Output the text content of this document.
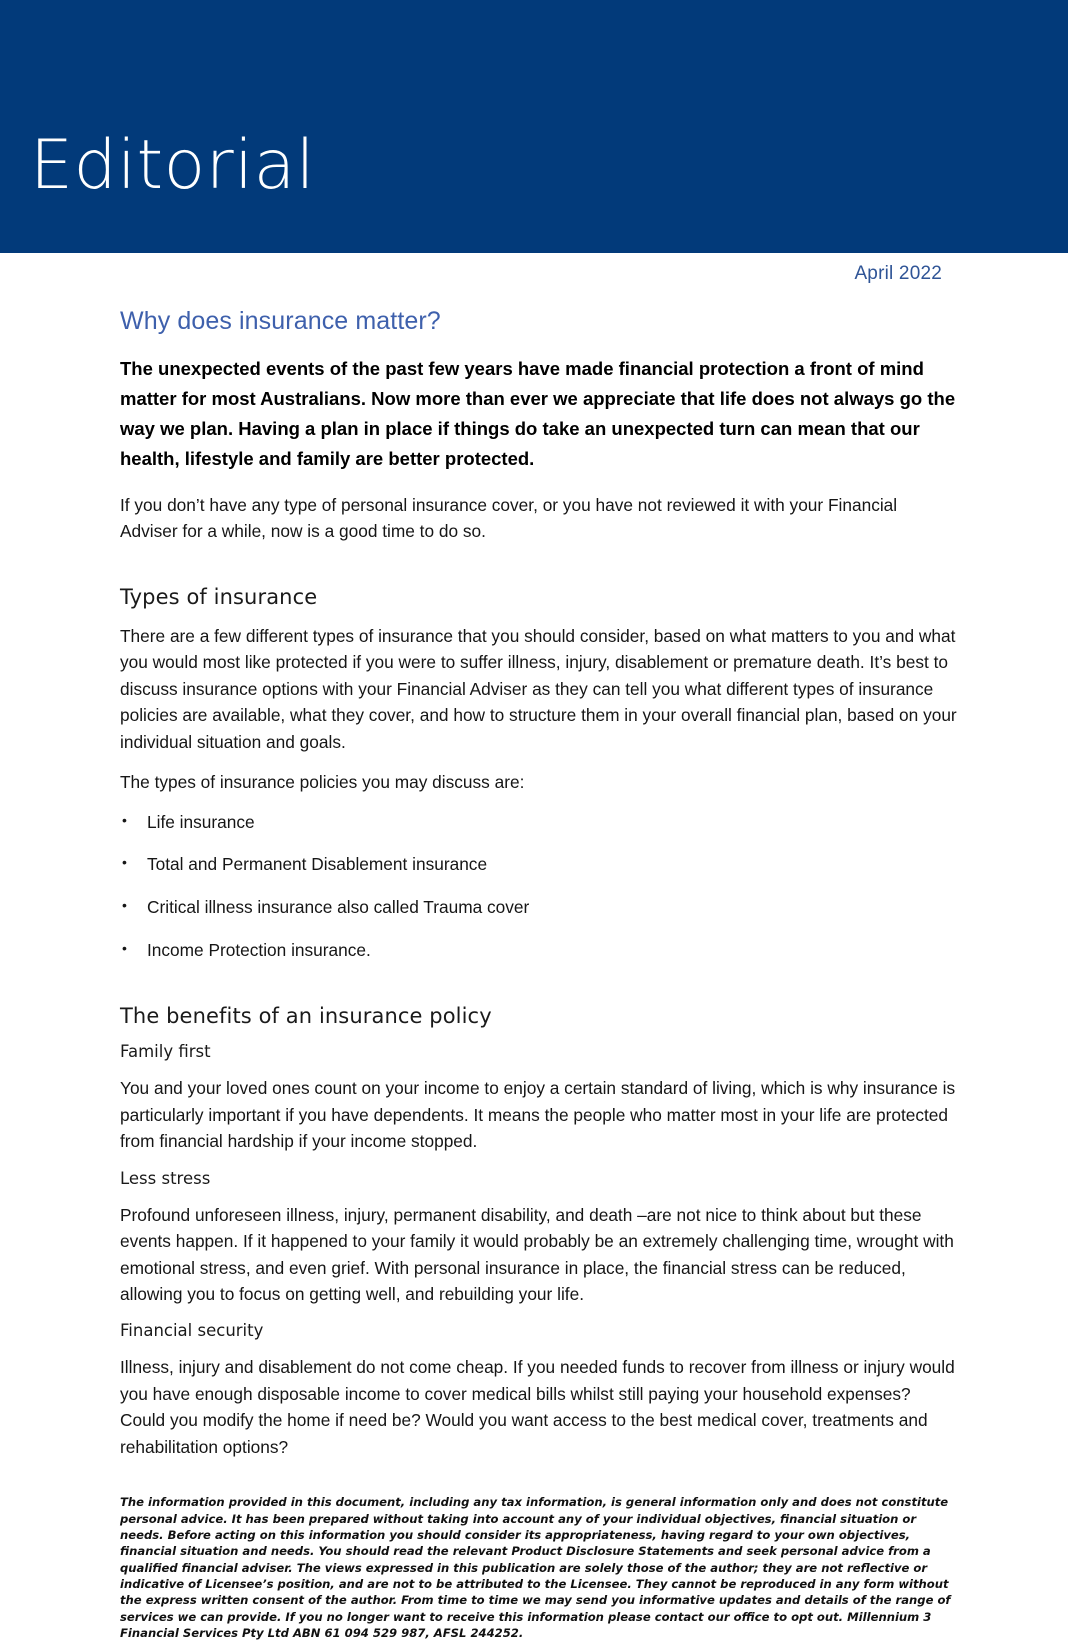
Editorial
April 2022
Why does insurance matter?

The unexpected events of the past few years have made financial protection a front of mind matter for most Australians. Now more than ever we appreciate that life does not always go the way we plan. Having a plan in place if things do take an unexpected turn can mean that our health, lifestyle and family are better protected.

If you don’t have any type of personal insurance cover, or you have not reviewed it with your Financial Adviser for a while, now is a good time to do so.

Types of insurance

There are a few different types of insurance that you should consider, based on what matters to you and what you would most like protected if you were to suffer illness, injury, disablement or premature death. It’s best to discuss insurance options with your Financial Adviser as they can tell you what different types of insurance policies are available, what they cover, and how to structure them in your overall financial plan, based on your individual situation and goals.

The types of insurance policies you may discuss are:

• Life insurance
• Total and Permanent Disablement insurance
• Critical illness insurance also called Trauma cover
• Income Protection insurance.
The benefits of an insurance policy
Family first

You and your loved ones count on your income to enjoy a certain standard of living, which is why insurance is particularly important if you have dependents. It means the people who matter most in your life are protected from financial hardship if your income stopped.

Less stress

Profound unforeseen illness, injury, permanent disability, and death –are not nice to think about but these events happen. If it happened to your family it would probably be an extremely challenging time, wrought with emotional stress, and even grief. With personal insurance in place, the financial stress can be reduced, allowing you to focus on getting well, and rebuilding your life.

Financial security

Illness, injury and disablement do not come cheap. If you needed funds to recover from illness or injury would you have enough disposable income to cover medical bills whilst still paying your household expenses? Could you modify the home if need be? Would you want access to the best medical cover, treatments and rehabilitation options?

The information provided in this document, including any tax information, is general information only and does not constitute personal advice. It has been prepared without taking into account any of your individual objectives, financial situation or needs. Before acting on this information you should consider its appropriateness, having regard to your own objectives, financial situation and needs. You should read the relevant Product Disclosure Statements and seek personal advice from a qualified financial adviser. The views expressed in this publication are solely those of the author; they are not reflective or indicative of Licensee’s position, and are not to be attributed to the Licensee. They cannot be reproduced in any form without the express written consent of the author. From time to time we may send you informative updates and details of the range of services we can provide. If you no longer want to receive this information please contact our office to opt out. Millennium 3 Financial Services Pty Ltd ABN 61 094 529 987, AFSL 244252.
